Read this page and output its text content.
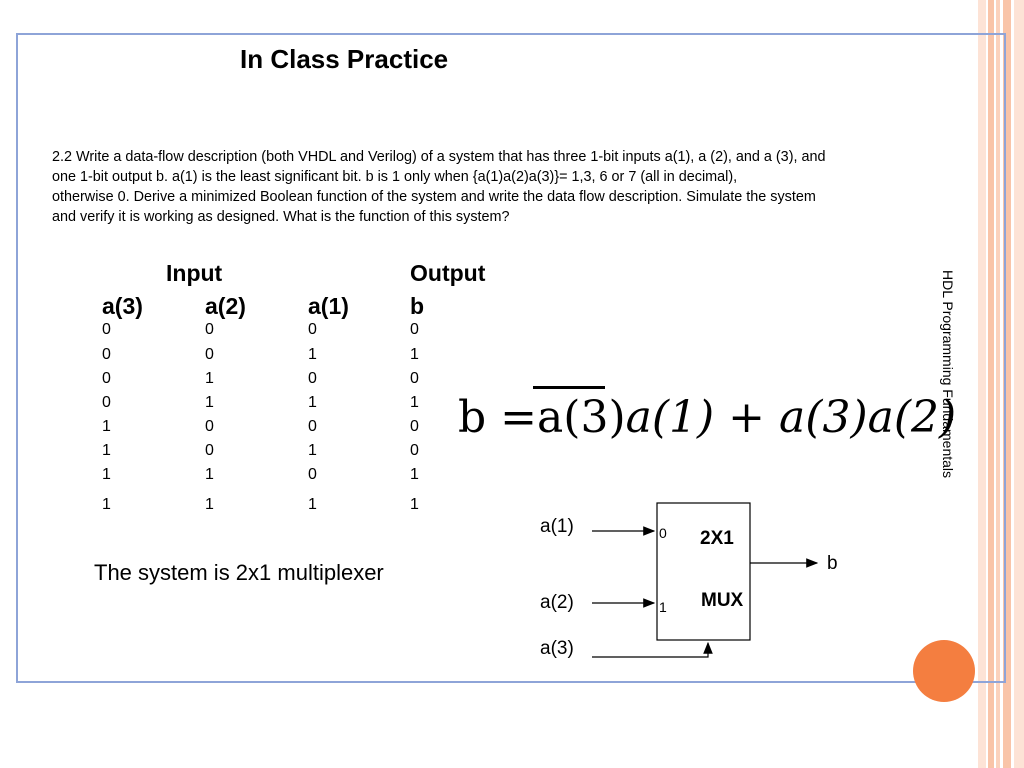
In Class Practice
2.2 Write a data-flow description (both VHDL and Verilog) of a system that has three 1-bit inputs a(1), a (2), and a (3), and
one 1-bit output b. a(1) is the least significant bit. b is 1 only when {a(1)a(2)a(3)}= 1,3, 6 or 7 (all in decimal),
otherwise 0. Derive a minimized Boolean function of the system and write the data flow description. Simulate the system
and verify it is working as designed. What is the function of this system?
Input	Output
a(3)	a(2)	a(1)	b
0	0	0	0
0	0	1	1
0	1	0	0
0	1	1	1
1	0	0	0
1	0	1	0
1	1	0	1
1	1	1	1
The system is 2x1 multiplexer
b =a(3)a(1) + a(3)a(2)
a(1)
a(2)
a(3)
b
0
1
2X1
MUX
HDL Programming Fundamentals
